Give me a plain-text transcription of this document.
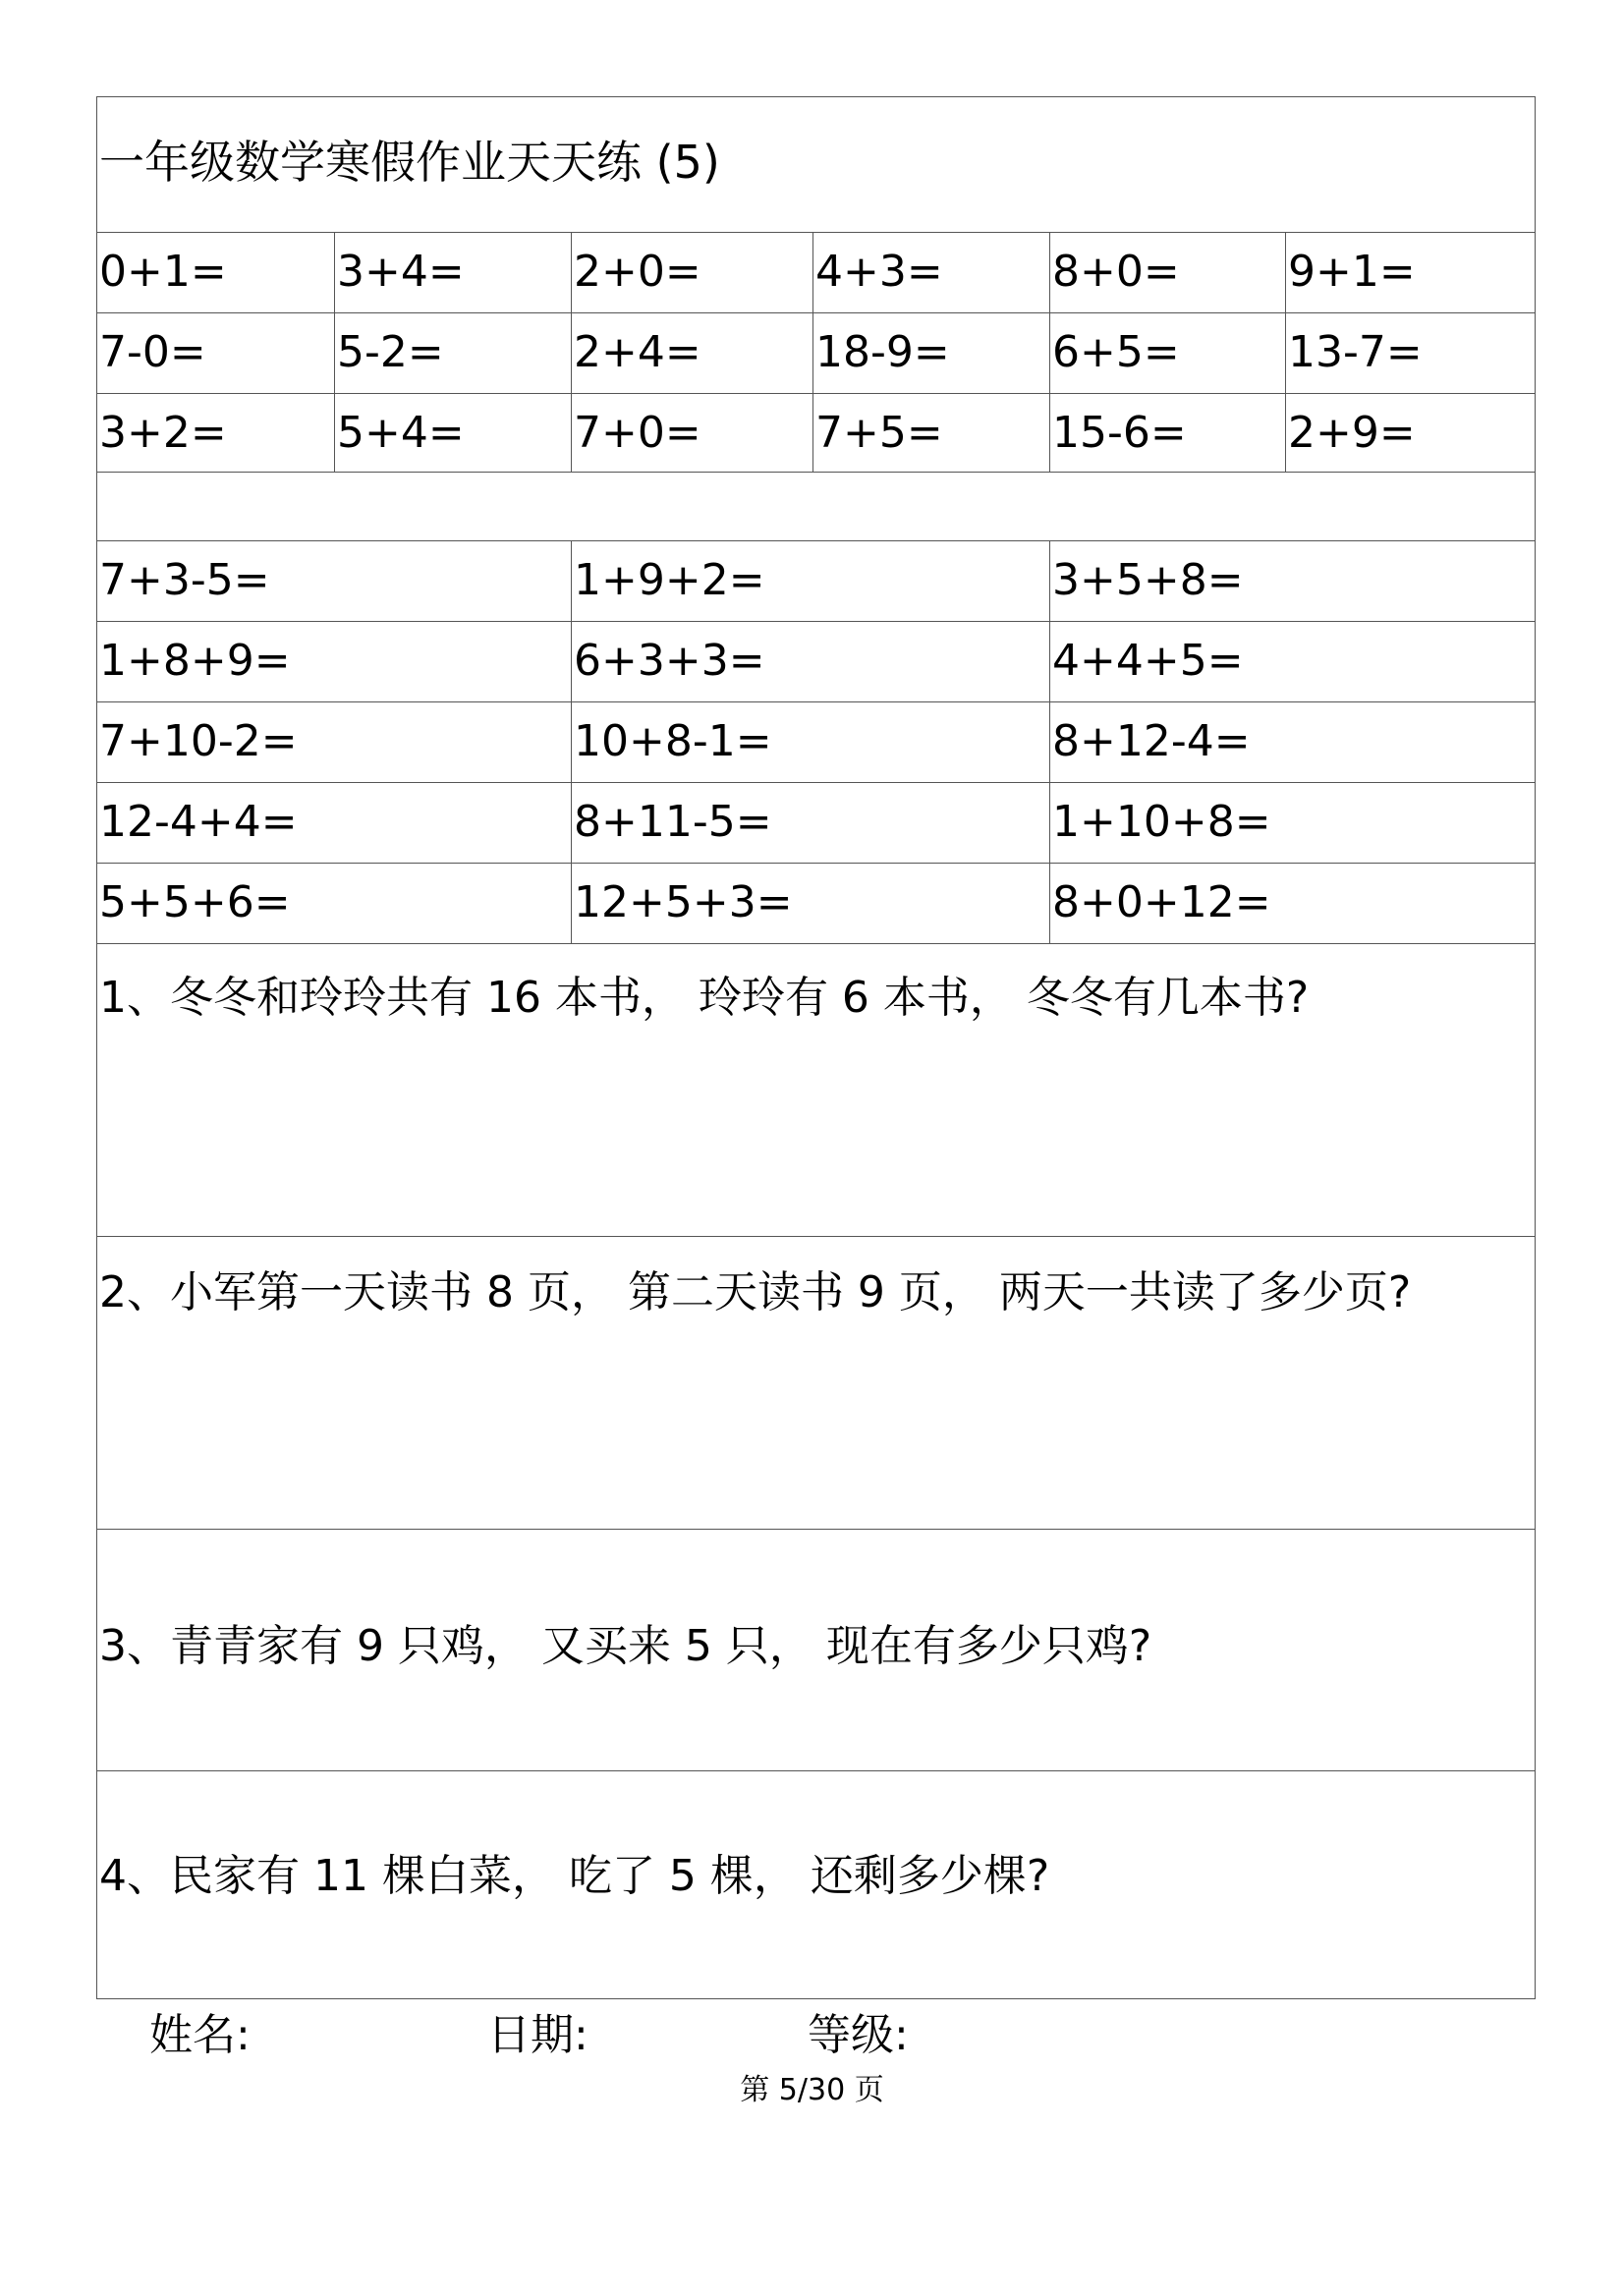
一年级数学寒假作业天天练 (5)
0+1=	3+4=	2+0=	4+3=	8+0=	9+1=
7-0=	5-2=	2+4=	18-9=	6+5=	13-7=
3+2=	5+4=	7+0=	7+5=	15-6=	2+9=
7+3-5=	1+9+2=	3+5+8=
1+8+9=	6+3+3=	4+4+5=
7+10-2=	10+8-1=	8+12-4=
12-4+4=	8+11-5=	1+10+8=
5+5+6=	12+5+3=	8+0+12=
1、冬冬和玲玲共有 16 本书， 玲玲有 6 本书， 冬冬有几本书?
2、小军第一天读书 8 页， 第二天读书 9 页， 两天一共读了多少页?
3、青青家有 9 只鸡， 又买来 5 只， 现在有多少只鸡?
4、民家有 11 棵白菜， 吃了 5 棵， 还剩多少棵?
姓名:	日期:	等级:
第 5/30 页
